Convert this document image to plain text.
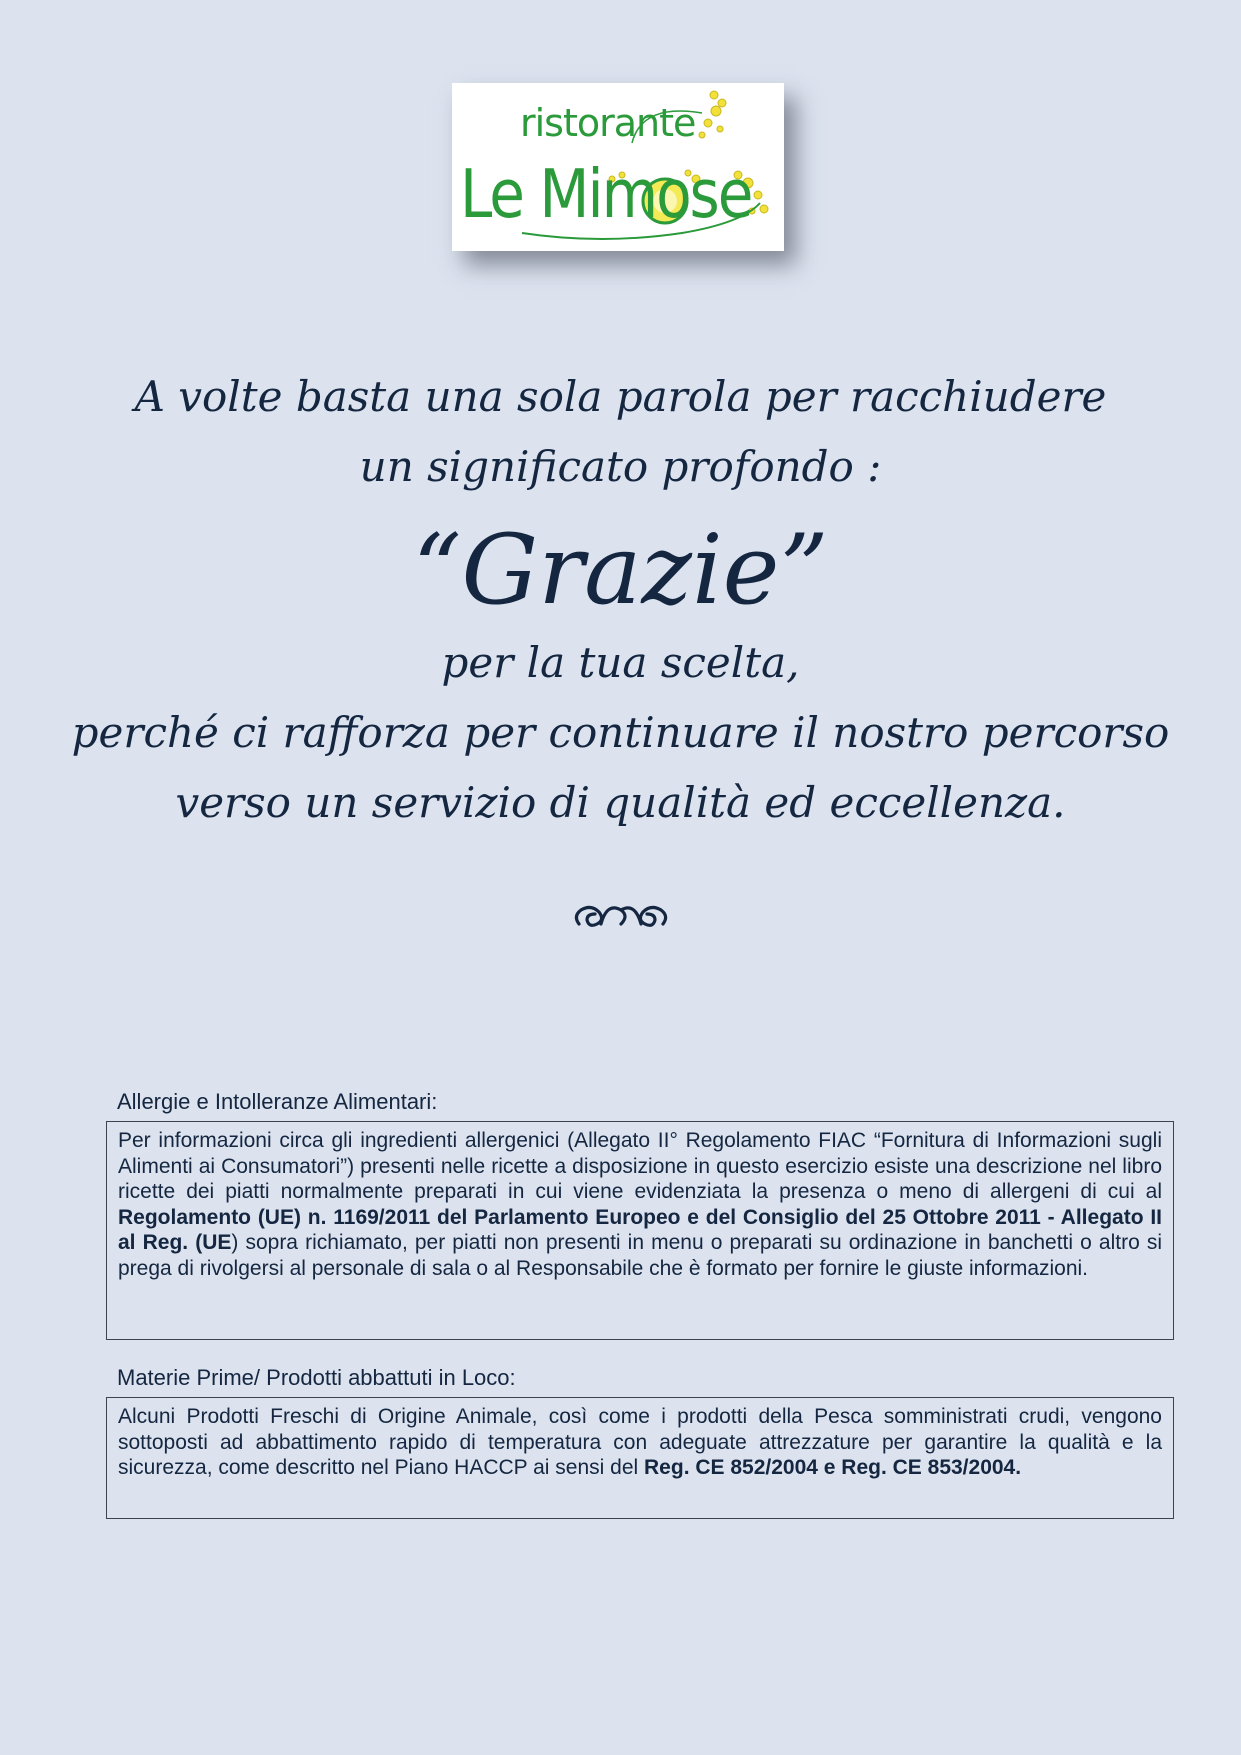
ristorante
Le Mimose
A volte basta una sola parola per racchiudere
un significato profondo :
“Grazie”
per la tua scelta,
perché ci rafforza per continuare il nostro percorso
verso un servizio di qualità ed eccellenza.
Allergie e Intolleranze Alimentari:
Per informazioni circa gli ingredienti allergenici (Allegato II° Regolamento FIAC “Fornitura di Informazioni sugli Alimenti ai Consumatori”) presenti nelle ricette a disposizione in questo esercizio esiste una descrizione nel libro ricette dei piatti normalmente preparati in cui viene evidenziata la presenza o meno di allergeni di cui al Regolamento (UE) n. 1169/2011 del Parlamento Europeo e del Consiglio del 25 Ottobre 2011 - Allegato II al Reg. (UE) sopra richiamato, per piatti non presenti in menu o preparati su ordinazione in banchetti o altro si prega di rivolgersi al personale di sala o al Responsabile che è formato per fornire le giuste informazioni.
Materie Prime/ Prodotti abbattuti in Loco:
Alcuni Prodotti Freschi di Origine Animale, così come i prodotti della Pesca somministrati crudi, vengono sottoposti ad abbattimento rapido di temperatura con adeguate attrezzature per garantire la qualità e la sicurezza, come descritto nel Piano HACCP ai sensi del Reg. CE 852/2004 e Reg. CE 853/2004.
